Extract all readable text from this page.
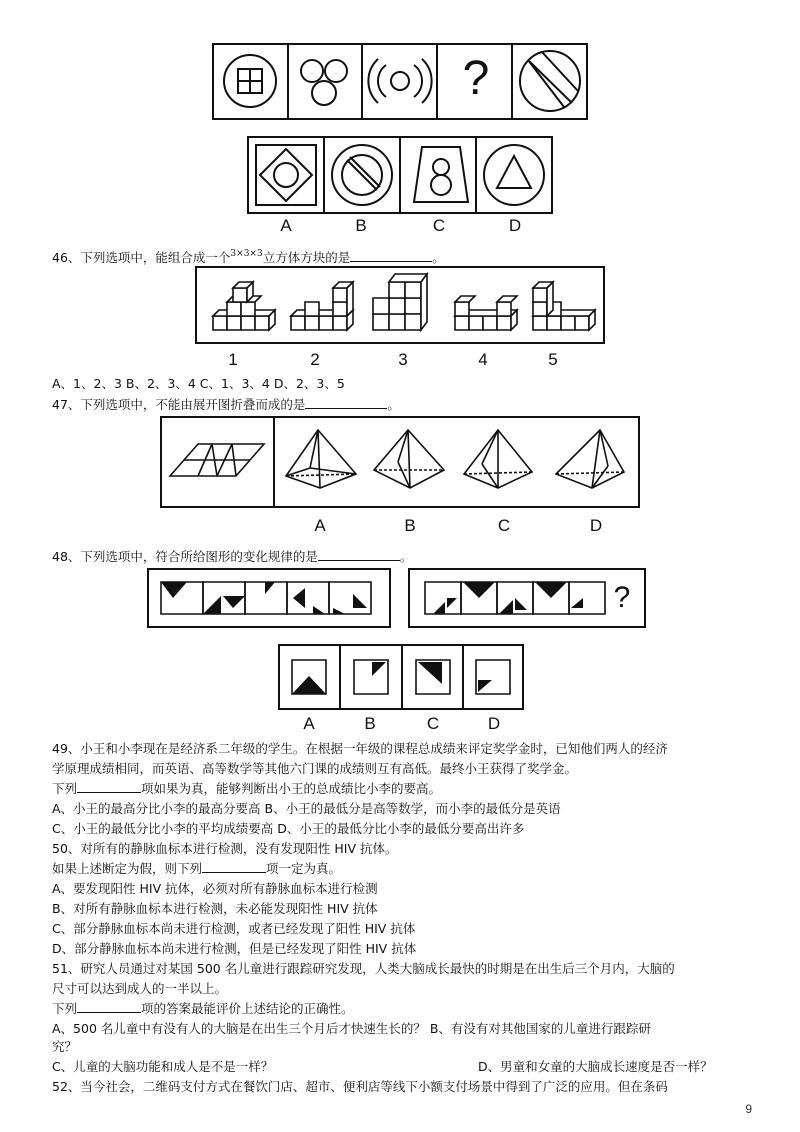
?
A	B	C	D
46、下列选项中，能组合成一个$^{3\times 3\times 3}$立方体方块的是	。
1	2	3	4	5
A、1、2、3 B、2、3、4 C、1、3、4 D、2、3、5
47、下列选项中，不能由展开图折叠而成的是	。
A	B	C	D
48、下列选项中，符合所给图形的变化规律的是	。
?
A	B	C	D
49、小王和小李现在是经济系二年级的学生。在根据一年级的课程总成绩来评定奖学金时，已知他们两人的经济
学原理成绩相同，而英语、高等数学等其他六门课的成绩则互有高低。最终小王获得了奖学金。
下列	项如果为真，能够判断出小王的总成绩比小李的要高。
A、小王的最高分比小李的最高分要高 B、小王的最低分是高等数学，而小李的最低分是英语
C、小王的最低分比小李的平均成绩要高 D、小王的最低分比小李的最低分要高出许多
50、对所有的静脉血标本进行检测，没有发现阳性 HIV 抗体。
如果上述断定为假，则下列	项一定为真。
A、要发现阳性 HIV 抗体，必须对所有静脉血标本进行检测
B、对所有静脉血标本进行检测，未必能发现阳性 HIV 抗体
C、部分静脉血标本尚未进行检测，或者已经发现了阳性 HIV 抗体
D、部分静脉血标本尚未进行检测，但是已经发现了阳性 HIV 抗体
51、研究人员通过对某国 500 名儿童进行跟踪研究发现，人类大脑成长最快的时期是在出生后三个月内，大脑的
尺寸可以达到成人的一半以上。
下列	项的答案最能评价上述结论的正确性。
A、500 名儿童中有没有人的大脑是在出生三个月后才快速生长的？ B、有没有对其他国家的儿童进行跟踪研
究？
C、儿童的大脑功能和成人是不是一样？	D、男童和女童的大脑成长速度是否一样？
52、当今社会，二维码支付方式在餐饮门店、超市、便利店等线下小额支付场景中得到了广泛的应用。但在条码
9
